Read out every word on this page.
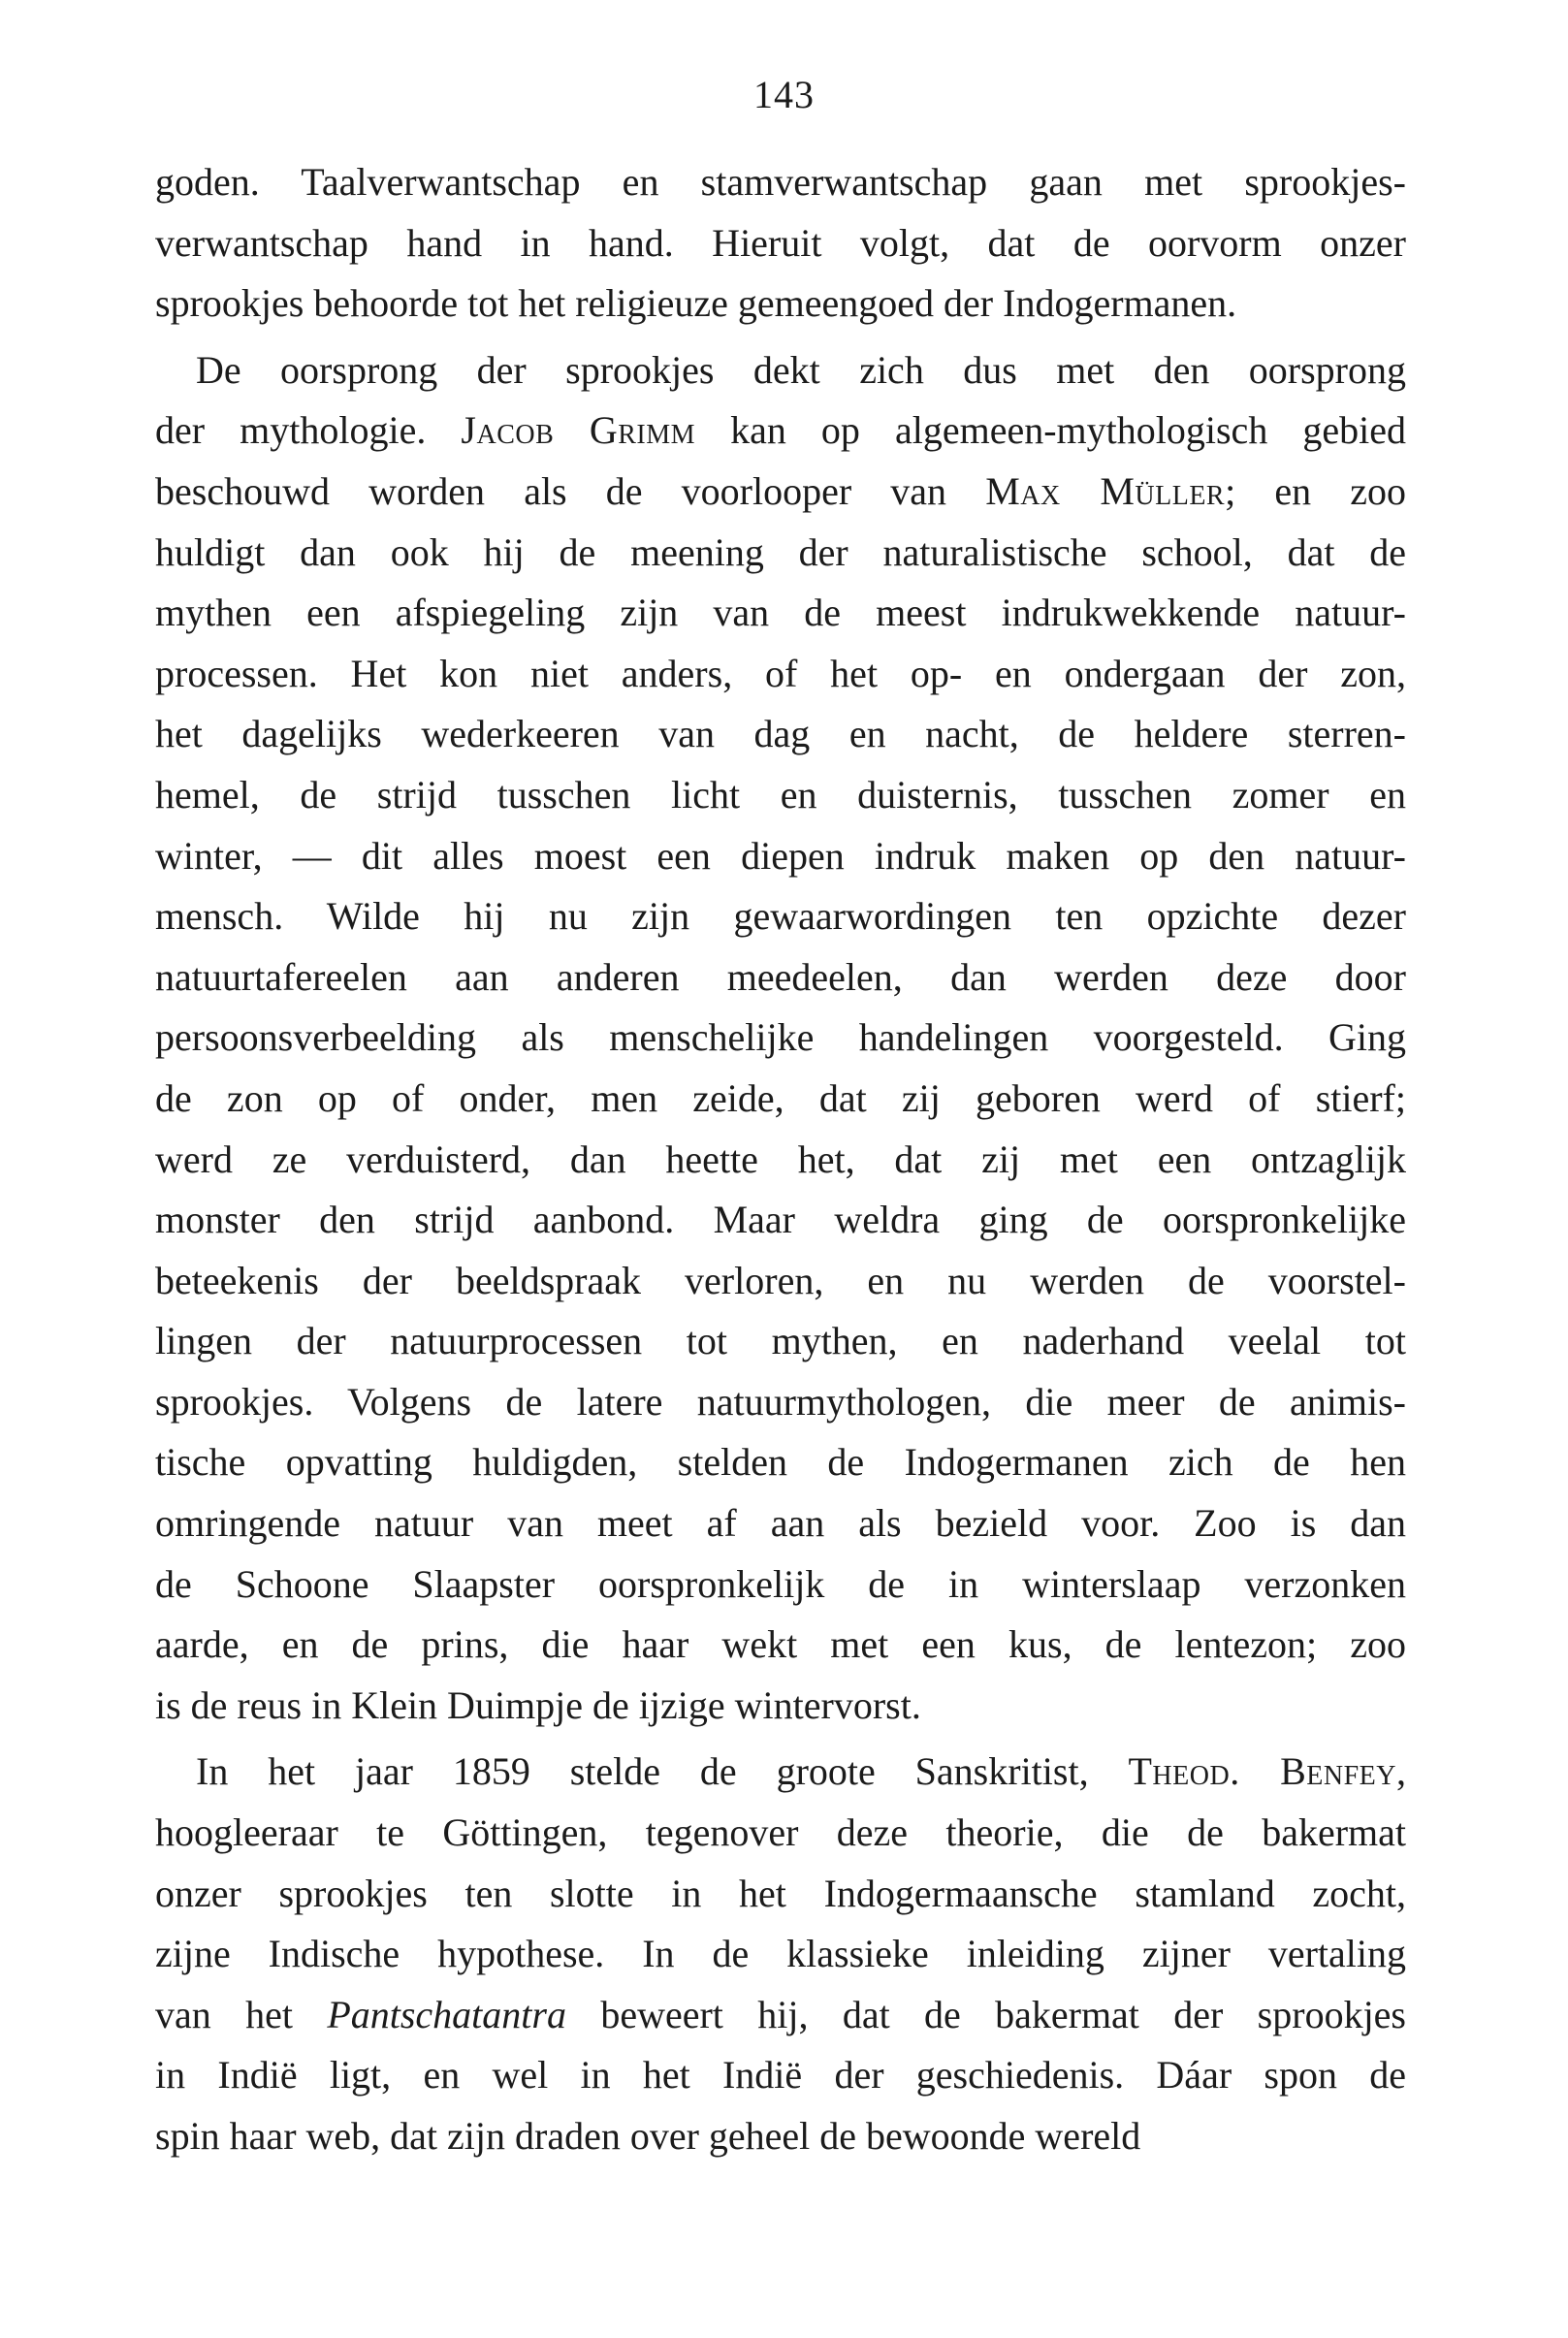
143
goden. Taalverwantschap en stamverwantschap gaan met sprookjes-
verwantschap hand in hand. Hieruit volgt, dat de oorvorm onzer
sprookjes behoorde tot het religieuze gemeengoed der Indogermanen.
De oorsprong der sprookjes dekt zich dus met den oorsprong
der mythologie. Jacob Grimm kan op algemeen-mythologisch gebied
beschouwd worden als de voorlooper van Max Müller; en zoo
huldigt dan ook hij de meening der naturalistische school, dat de
mythen een afspiegeling zijn van de meest indrukwekkende natuur-
processen. Het kon niet anders, of het op- en ondergaan der zon,
het dagelijks wederkeeren van dag en nacht, de heldere sterren-
hemel, de strijd tusschen licht en duisternis, tusschen zomer en
winter, — dit alles moest een diepen indruk maken op den natuur-
mensch. Wilde hij nu zijn gewaarwordingen ten opzichte dezer
natuurtafereelen aan anderen meedeelen, dan werden deze door
persoonsverbeelding als menschelijke handelingen voorgesteld. Ging
de zon op of onder, men zeide, dat zij geboren werd of stierf;
werd ze verduisterd, dan heette het, dat zij met een ontzaglijk
monster den strijd aanbond. Maar weldra ging de oorspronkelijke
beteekenis der beeldspraak verloren, en nu werden de voorstel-
lingen der natuurprocessen tot mythen, en naderhand veelal tot
sprookjes. Volgens de latere natuurmythologen, die meer de animis-
tische opvatting huldigden, stelden de Indogermanen zich de hen
omringende natuur van meet af aan als bezield voor. Zoo is dan
de Schoone Slaapster oorspronkelijk de in winterslaap verzonken
aarde, en de prins, die haar wekt met een kus, de lentezon; zoo
is de reus in Klein Duimpje de ijzige wintervorst.
In het jaar 1859 stelde de groote Sanskritist, Theod. Benfey,
hoogleeraar te Göttingen, tegenover deze theorie, die de bakermat
onzer sprookjes ten slotte in het Indogermaansche stamland zocht,
zijne Indische hypothese. In de klassieke inleiding zijner vertaling
van het Pantschatantra beweert hij, dat de bakermat der sprookjes
in Indië ligt, en wel in het Indië der geschiedenis. Dáar spon de
spin haar web, dat zijn draden over geheel de bewoonde wereld
